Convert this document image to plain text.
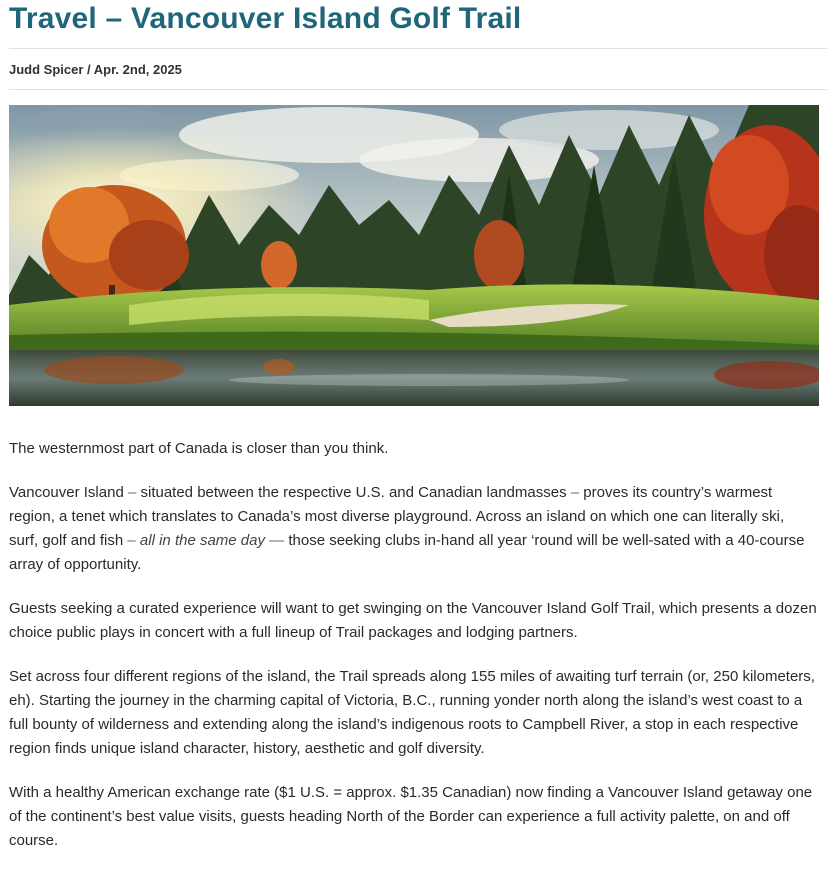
Travel – Vancouver Island Golf Trail
Judd Spicer / Apr. 2nd, 2025

The westernmost part of Canada is closer than you think.

Vancouver Island – situated between the respective U.S. and Canadian landmasses – proves its country’s warmest region, a tenet which translates to Canada’s most diverse playground. Across an island on which one can literally ski, surf, golf and fish – all in the same day — those seeking clubs in-hand all year ‘round will be well-sated with a 40-course array of opportunity.

Guests seeking a curated experience will want to get swinging on the Vancouver Island Golf Trail, which presents a dozen choice public plays in concert with a full lineup of Trail packages and lodging partners.

Set across four different regions of the island, the Trail spreads along 155 miles of awaiting turf terrain (or, 250 kilometers, eh). Starting the journey in the charming capital of Victoria, B.C., running yonder north along the island’s west coast to a full bounty of wilderness and extending along the island’s indigenous roots to Campbell River, a stop in each respective region finds unique island character, history, aesthetic and golf diversity.

With a healthy American exchange rate ($1 U.S. = approx. $1.35 Canadian) now finding a Vancouver Island getaway one of the continent’s best value visits, guests heading North of the Border can experience a full activity palette, on and off course.
